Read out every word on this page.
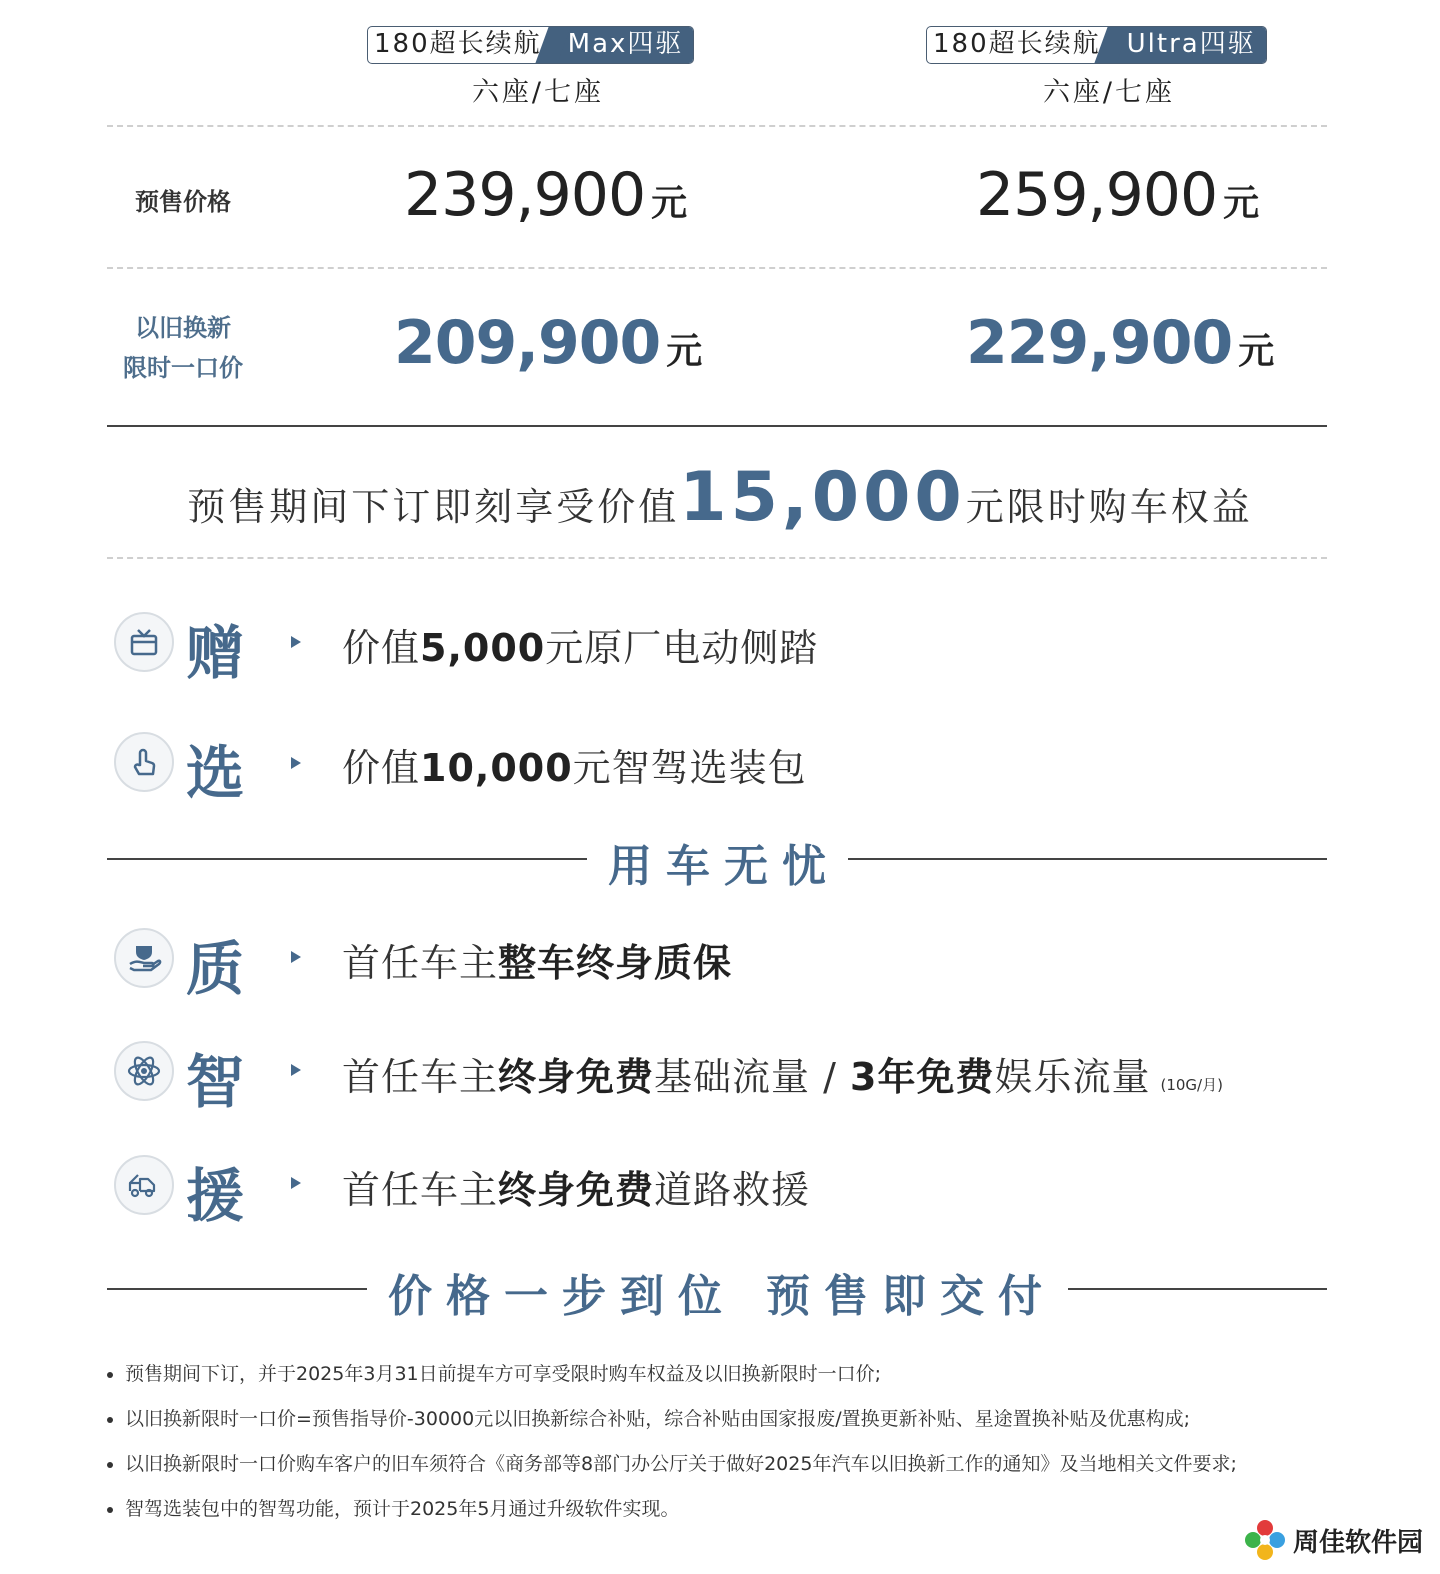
180超长续航	Max四驱
六座/七座
180超长续航	Ultra四驱
六座/七座
预售价格	239,900 元	259,900 元
以旧换新
限时一口价	209,900 元	229,900 元
预售期间下订即刻享受价值15,000元限时购车权益
赠	价值5,000元原厂电动侧踏
选	价值10,000元智驾选装包
用车无忧
质	首任车主整车终身质保
智	首任车主终身免费基础流量 / 3年免费娱乐流量 (10G/月)
援	首任车主终身免费道路救援
价格一步到位 预售即交付
预售期间下订，并于2025年3月31日前提车方可享受限时购车权益及以旧换新限时一口价;
以旧换新限时一口价=预售指导价-30000元以旧换新综合补贴，综合补贴由国家报废/置换更新补贴、星途置换补贴及优惠构成;
以旧换新限时一口价购车客户的旧车须符合《商务部等8部门办公厅关于做好2025年汽车以旧换新工作的通知》及当地相关文件要求;
智驾选装包中的智驾功能，预计于2025年5月通过升级软件实现。
周佳软件园
